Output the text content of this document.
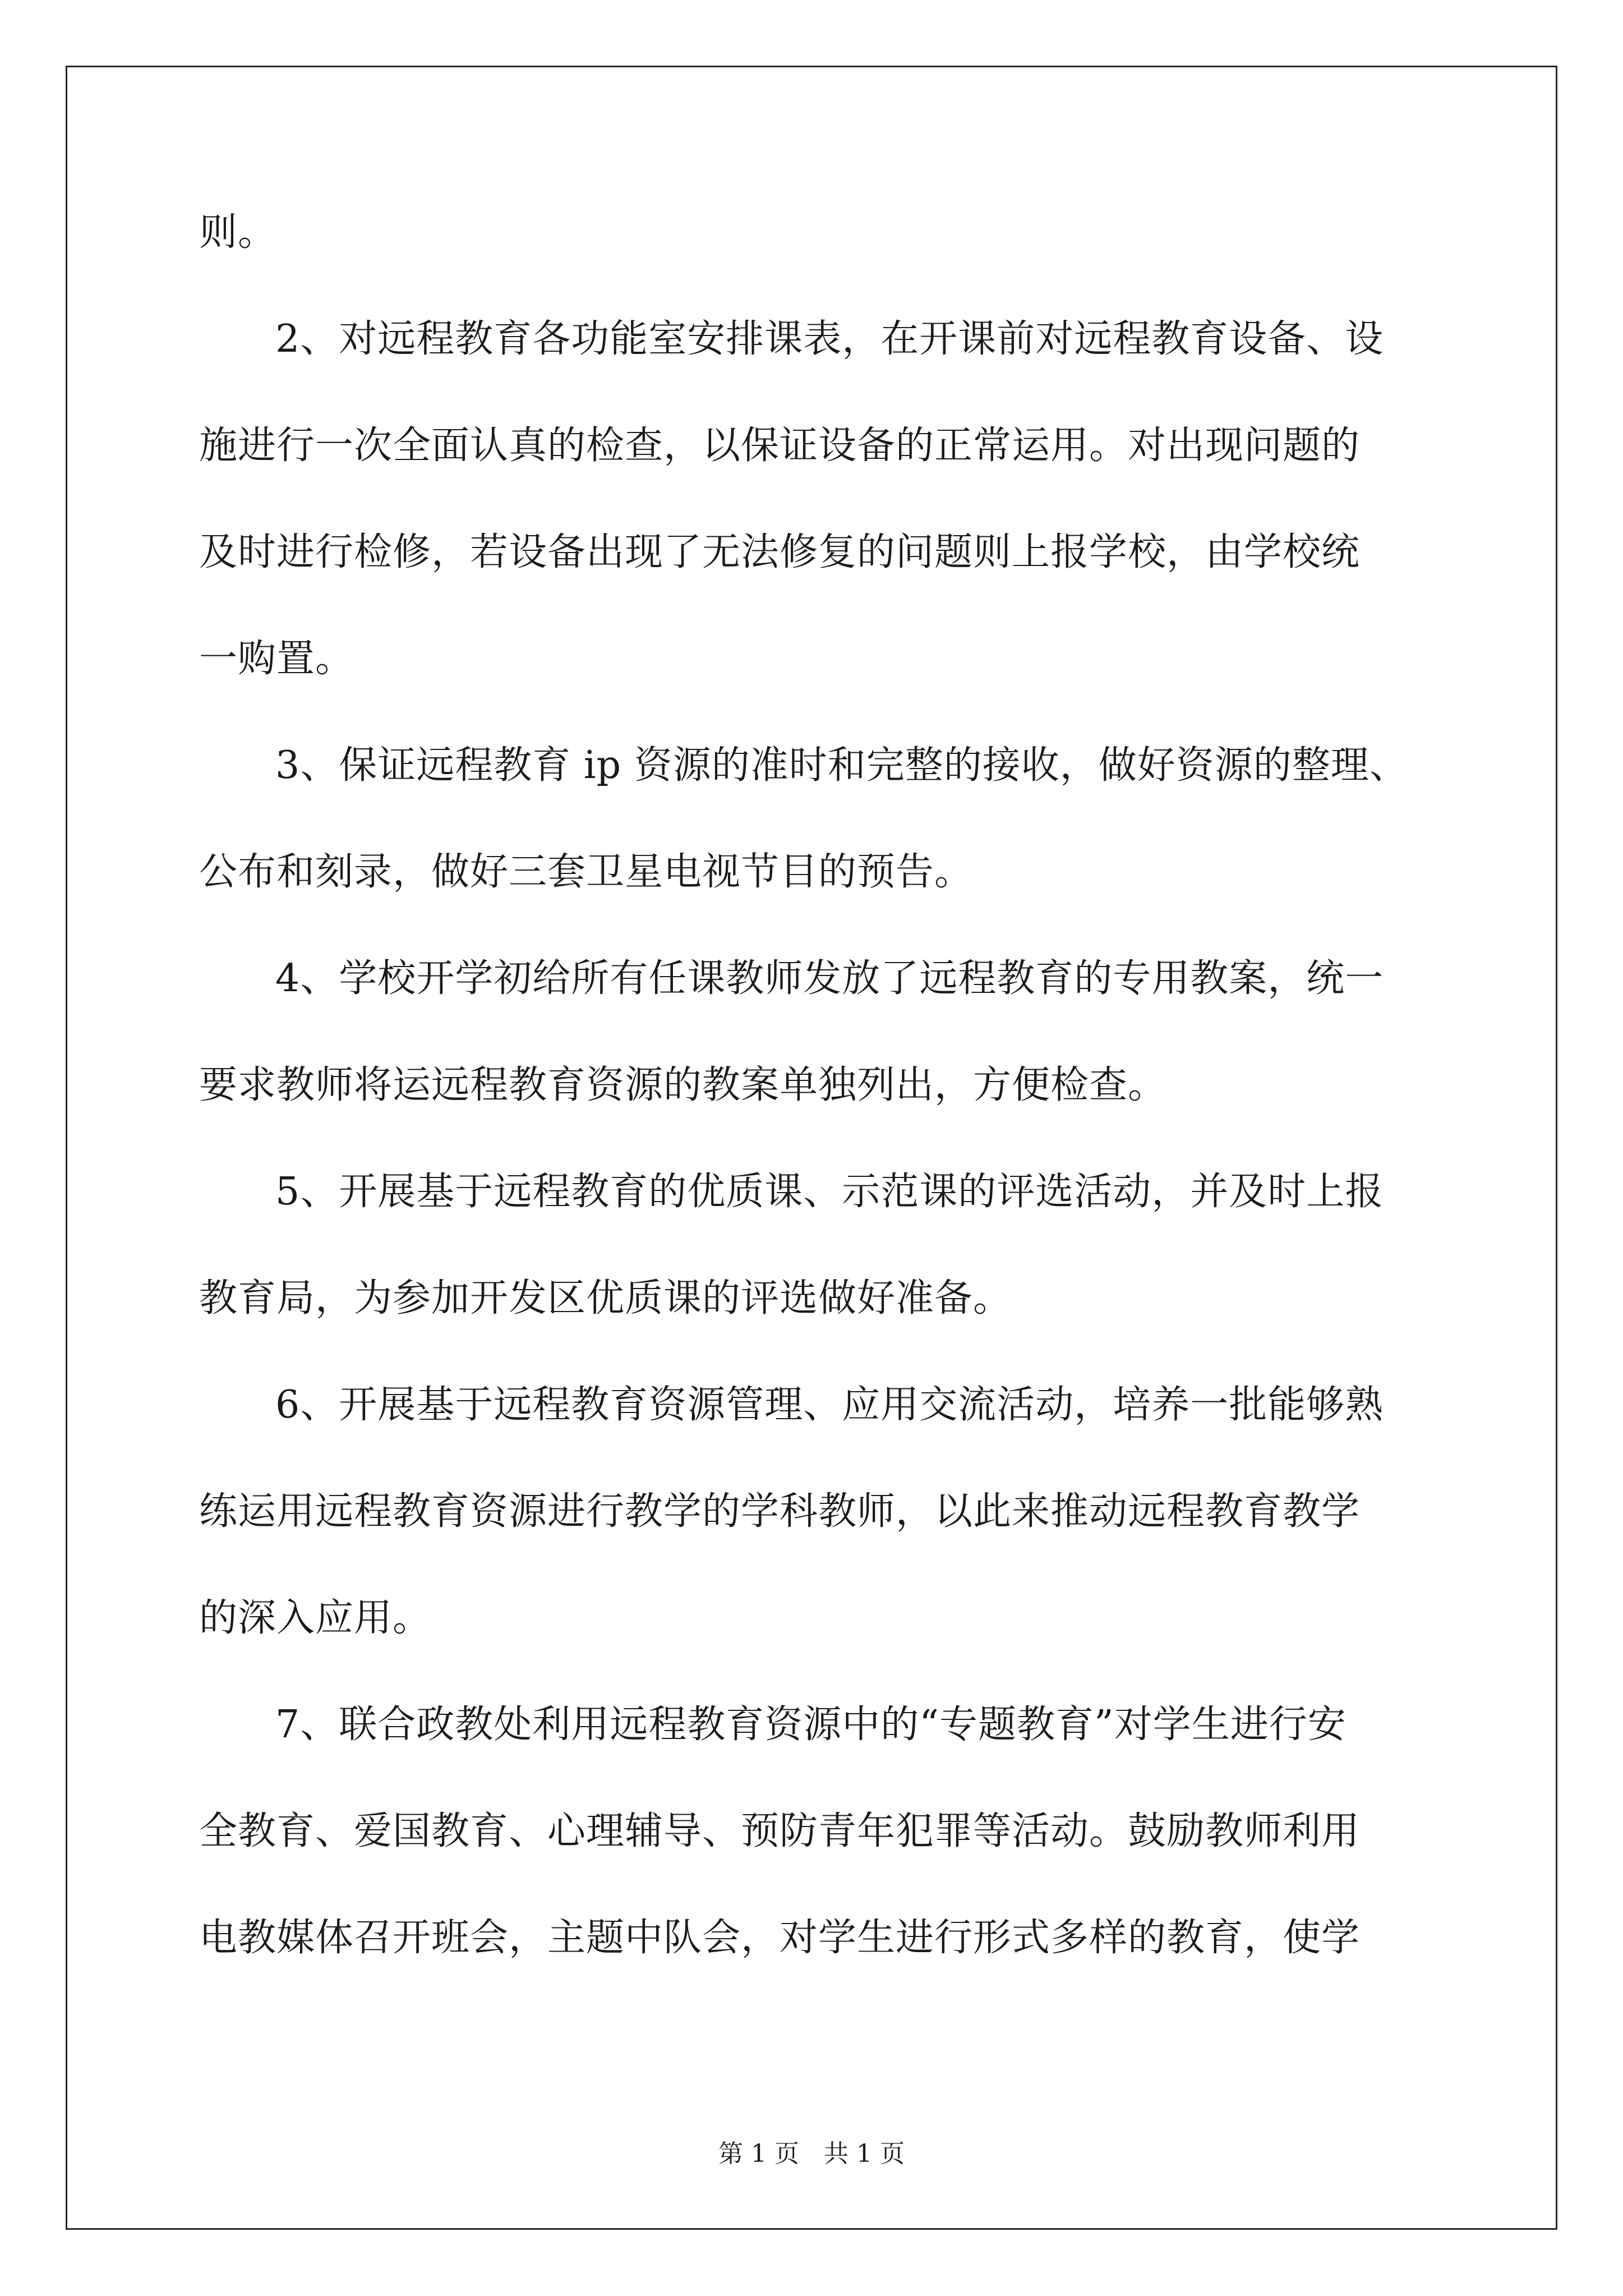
则。
2、对远程教育各功能室安排课表，在开课前对远程教育设备、设
施进行一次全面认真的检查，以保证设备的正常运用。对出现问题的
及时进行检修，若设备出现了无法修复的问题则上报学校，由学校统
一购置。
3、保证远程教育 ip 资源的准时和完整的接收，做好资源的整理、
公布和刻录，做好三套卫星电视节目的预告。
4、学校开学初给所有任课教师发放了远程教育的专用教案，统一
要求教师将运远程教育资源的教案单独列出，方便检查。
5、开展基于远程教育的优质课、示范课的评选活动，并及时上报
教育局，为参加开发区优质课的评选做好准备。
6、开展基于远程教育资源管理、应用交流活动，培养一批能够熟
练运用远程教育资源进行教学的学科教师，以此来推动远程教育教学
的深入应用。
7、联合政教处利用远程教育资源中的“专题教育”对学生进行安
全教育、爱国教育、心理辅导、预防青年犯罪等活动。鼓励教师利用
电教媒体召开班会，主题中队会，对学生进行形式多样的教育，使学
第 1 页　共 1 页
